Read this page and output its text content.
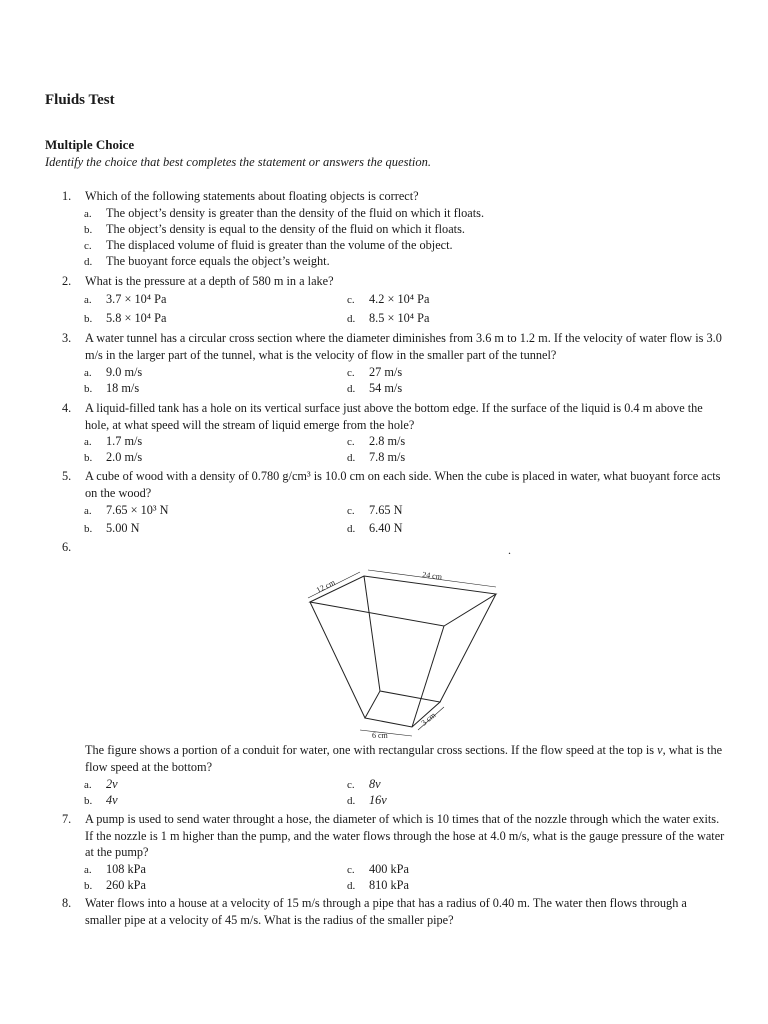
Fluids Test
Multiple Choice
Identify the choice that best completes the statement or answers the question.
1.	Which of the following statements about floating objects is correct?
a. The object’s density is greater than the density of the fluid on which it floats.
b. The object’s density is equal to the density of the fluid on which it floats.
c. The displaced volume of fluid is greater than the volume of the object.
d. The buoyant force equals the object’s weight.
2.	What is the pressure at a depth of 580 m in a lake?
a. 3.7 × 10⁴ Pa
b. 5.8 × 10⁴ Pa
c. 4.2 × 10⁴ Pa
d. 8.5 × 10⁴ Pa
3.	A water tunnel has a circular cross section where the diameter diminishes from 3.6 m to 1.2 m. If the velocity of water flow is 3.0 m/s in the larger part of the tunnel, what is the velocity of flow in the smaller part of the tunnel?
a. 9.0 m/s
b. 18 m/s
c. 27 m/s
d. 54 m/s
4.	A liquid-filled tank has a hole on its vertical surface just above the bottom edge. If the surface of the liquid is 0.4 m above the hole, at what speed will the stream of liquid emerge from the hole?
a. 1.7 m/s
b. 2.0 m/s
c. 2.8 m/s
d. 7.8 m/s
5.	A cube of wood with a density of 0.780 g/cm³ is 10.0 cm on each side. When the cube is placed in water, what buoyant force acts on the wood?
a. 7.65 × 10³ N
b. 5.00 N
c. 7.65 N
d. 6.40 N
6.	.
24 cm
12 cm
6 cm
3 cm
The figure shows a portion of a conduit for water, one with rectangular cross sections. If the flow speed at the top is v, what is the flow speed at the bottom?
a. 2v
b. 4v
c. 8v
d. 16v
7.	A pump is used to send water throught a hose, the diameter of which is 10 times that of the nozzle through which the water exits. If the nozzle is 1 m higher than the pump, and the water flows through the hose at 4.0 m/s, what is the gauge pressure of the water at the pump?
a. 108 kPa
b. 260 kPa
c. 400 kPa
d. 810 kPa
8.	Water flows into a house at a velocity of 15 m/s through a pipe that has a radius of 0.40 m. The water then flows through a smaller pipe at a velocity of 45 m/s. What is the radius of the smaller pipe?
